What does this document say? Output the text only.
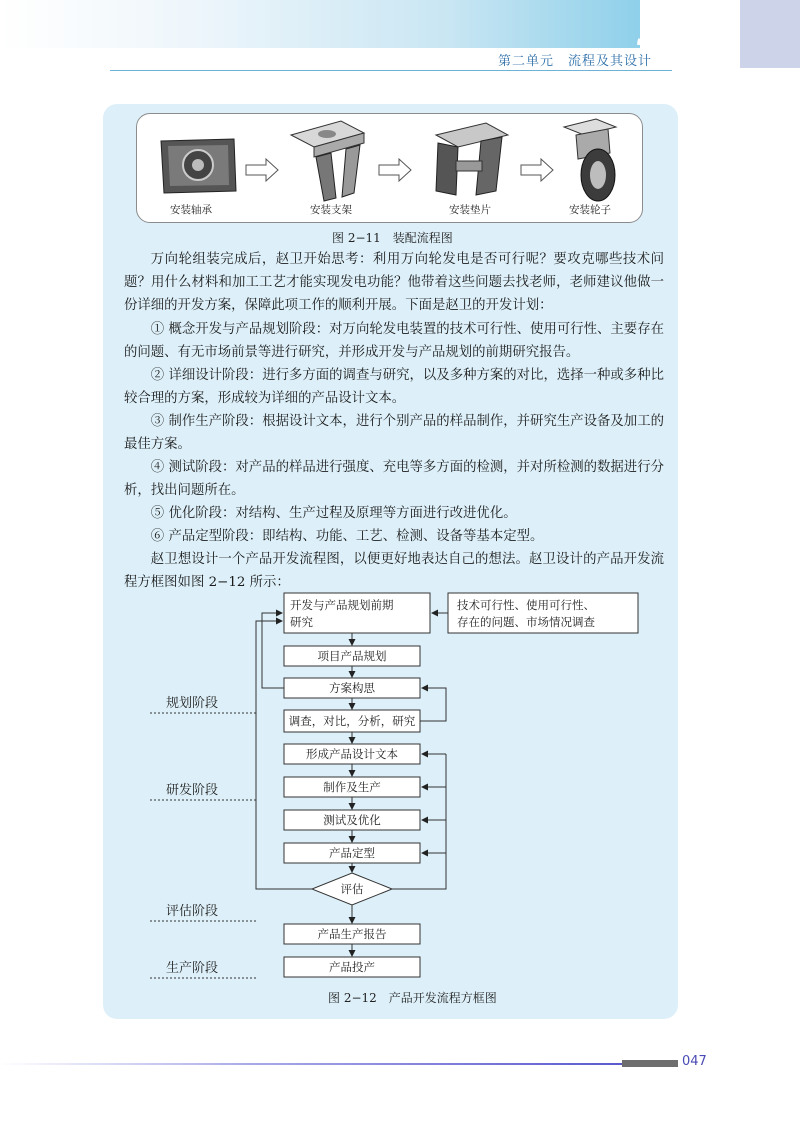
第二单元　流程及其设计
安装轴承	安装支架	安装垫片	安装轮子
图 2−11　装配流程图

万向轮组装完成后，赵卫开始思考：利用万向轮发电是否可行呢？要攻克哪些技术问题？用什么材料和加工工艺才能实现发电功能？他带着这些问题去找老师，老师建议他做一份详细的开发方案，保障此项工作的顺利开展。下面是赵卫的开发计划：

① 概念开发与产品规划阶段：对万向轮发电装置的技术可行性、使用可行性、主要存在的问题、有无市场前景等进行研究，并形成开发与产品规划的前期研究报告。

② 详细设计阶段：进行多方面的调查与研究，以及多种方案的对比，选择一种或多种比较合理的方案，形成较为详细的产品设计文本。

③ 制作生产阶段：根据设计文本，进行个别产品的样品制作，并研究生产设备及加工的最佳方案。

④ 测试阶段：对产品的样品进行强度、充电等多方面的检测，并对所检测的数据进行分析，找出问题所在。

⑤ 优化阶段：对结构、生产过程及原理等方面进行改进优化。

⑥ 产品定型阶段：即结构、功能、工艺、检测、设备等基本定型。

赵卫想设计一个产品开发流程图，以便更好地表达自己的想法。赵卫设计的产品开发流程方框图如图 2−12 所示：

开发与产品规划前期
研究
技术可行性、使用可行性、
存在的问题、市场情况调查
项目产品规划
方案构思
调查，对比，分析，研究
形成产品设计文本
制作及生产
测试及优化
产品定型
评估
产品生产报告
产品投产
规划阶段
研发阶段
评估阶段
生产阶段
图 2−12　产品开发流程方框图
047
